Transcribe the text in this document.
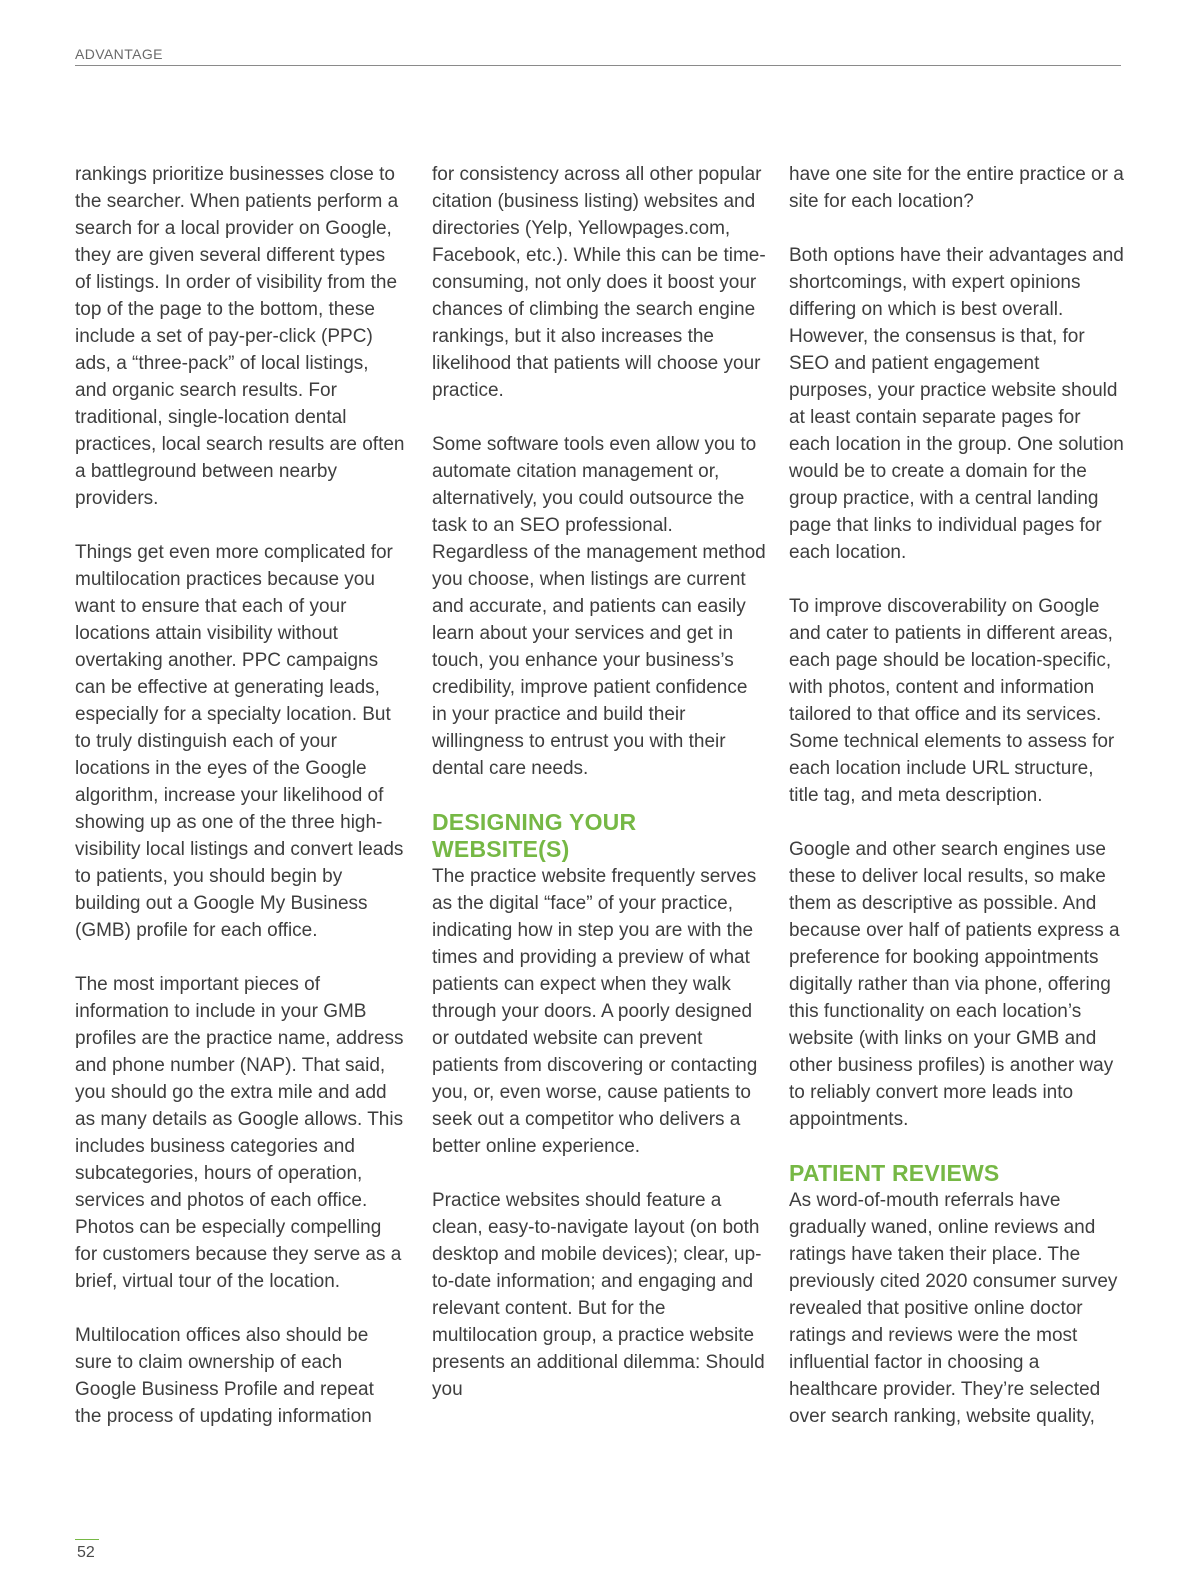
ADVANTAGE

rankings prioritize businesses close to the searcher. When patients perform a search for a local provider on Google, they are given several different types of listings. In order of visibility from the top of the page to the bottom, these include a set of pay-per-click (PPC) ads, a “three-pack” of local listings, and organic search results. For traditional, single-location dental practices, local search results are often a battleground between nearby providers.

Things get even more complicated for multilocation practices because you want to ensure that each of your locations attain visibility without overtaking another. PPC campaigns can be effective at generating leads, especially for a specialty location. But to truly distinguish each of your locations in the eyes of the Google algorithm, increase your likelihood of showing up as one of the three high-visibility local listings and convert leads to patients, you should begin by building out a Google My Business (GMB) profile for each office.

The most important pieces of information to include in your GMB profiles are the practice name, address and phone number (NAP). That said, you should go the extra mile and add as many details as Google allows. This includes business categories and subcategories, hours of operation, services and photos of each office. Photos can be especially compelling for customers because they serve as a brief, virtual tour of the location.

Multilocation offices also should be sure to claim ownership of each Google Business Profile and repeat the process of updating information

for consistency across all other popular citation (business listing) websites and directories (Yelp, Yellowpages.com, Facebook, etc.). While this can be time-consuming, not only does it boost your chances of climbing the search engine rankings, but it also increases the likelihood that patients will choose your practice.

Some software tools even allow you to automate citation management or, alternatively, you could outsource the task to an SEO professional. Regardless of the management method you choose, when listings are current and accurate, and patients can easily learn about your services and get in touch, you enhance your business’s credibility, improve patient confidence in your practice and build their willingness to entrust you with their dental care needs.

DESIGNING YOUR WEBSITE(S)

The practice website frequently serves as the digital “face” of your practice, indicating how in step you are with the times and providing a preview of what patients can expect when they walk through your doors. A poorly designed or outdated website can prevent patients from discovering or contacting you, or, even worse, cause patients to seek out a competitor who delivers a better online experience.

Practice websites should feature a clean, easy-to-navigate layout (on both desktop and mobile devices); clear, up-to-date information; and engaging and relevant content. But for the multilocation group, a practice website presents an additional dilemma: Should you

have one site for the entire practice or a site for each location?

Both options have their advantages and shortcomings, with expert opinions differing on which is best overall. However, the consensus is that, for SEO and patient engagement purposes, your practice website should at least contain separate pages for each location in the group. One solution would be to create a domain for the group practice, with a central landing page that links to individual pages for each location.

To improve discoverability on Google and cater to patients in different areas, each page should be location-specific, with photos, content and information tailored to that office and its services. Some technical elements to assess for each location include URL structure, title tag, and meta description.

Google and other search engines use these to deliver local results, so make them as descriptive as possible. And because over half of patients express a preference for booking appointments digitally rather than via phone, offering this functionality on each location’s website (with links on your GMB and other business profiles) is another way to reliably convert more leads into appointments.

PATIENT REVIEWS

As word-of-mouth referrals have gradually waned, online reviews and ratings have taken their place. The previously cited 2020 consumer survey revealed that positive online doctor ratings and reviews were the most influential factor in choosing a healthcare provider. They’re selected over search ranking, website quality,

52
